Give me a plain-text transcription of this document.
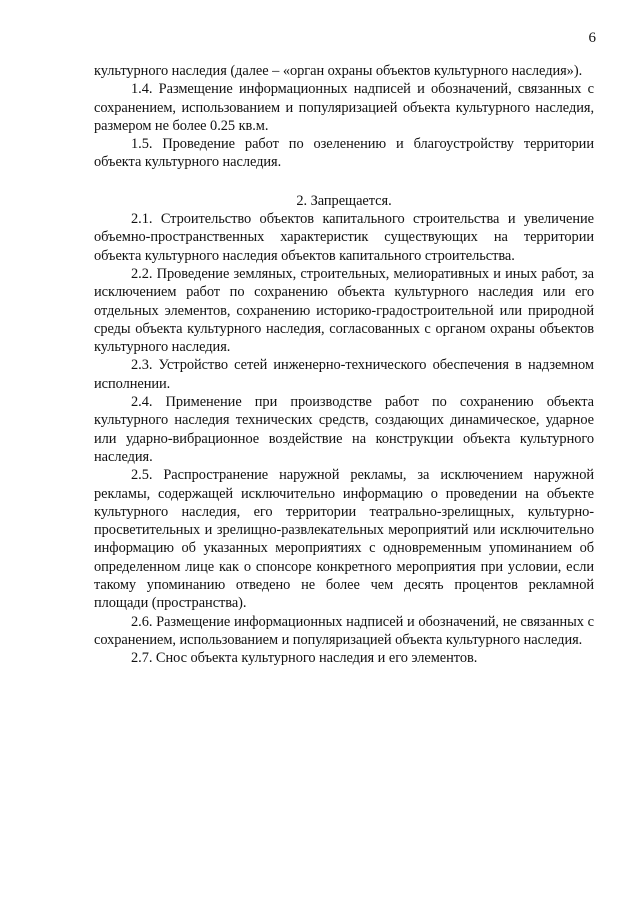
6

культурного наследия (далее – «орган охраны объектов культурного наследия»).

1.4. Размещение информационных надписей и обозначений, связанных с сохранением, использованием и популяризацией объекта культурного наследия, размером не более 0.25 кв.м.

1.5. Проведение работ по озеленению и благоустройству территории объекта культурного наследия.

2. Запрещается.

2.1. Строительство объектов капитального строительства и увеличение объемно-пространственных характеристик существующих на территории объекта культурного наследия объектов капитального строительства.

2.2. Проведение земляных, строительных, мелиоративных и иных работ, за исключением работ по сохранению объекта культурного наследия или его отдельных элементов, сохранению историко-градостроительной или природной среды объекта культурного наследия, согласованных с органом охраны объектов культурного наследия.

2.3. Устройство сетей инженерно-технического обеспечения в надземном исполнении.

2.4. Применение при производстве работ по сохранению объекта культурного наследия технических средств, создающих динамическое, ударное или ударно-вибрационное воздействие на конструкции объекта культурного наследия.

2.5. Распространение наружной рекламы, за исключением наружной рекламы, содержащей исключительно информацию о проведении на объекте культурного наследия, его территории театрально-зрелищных, культурно-просветительных и зрелищно-развлекательных мероприятий или исключительно информацию об указанных мероприятиях с одновременным упоминанием об определенном лице как о спонсоре конкретного мероприятия при условии, если такому упоминанию отведено не более чем десять процентов рекламной площади (пространства).

2.6. Размещение информационных надписей и обозначений, не связанных с сохранением, использованием и популяризацией объекта культурного наследия.

2.7. Снос объекта культурного наследия и его элементов.
